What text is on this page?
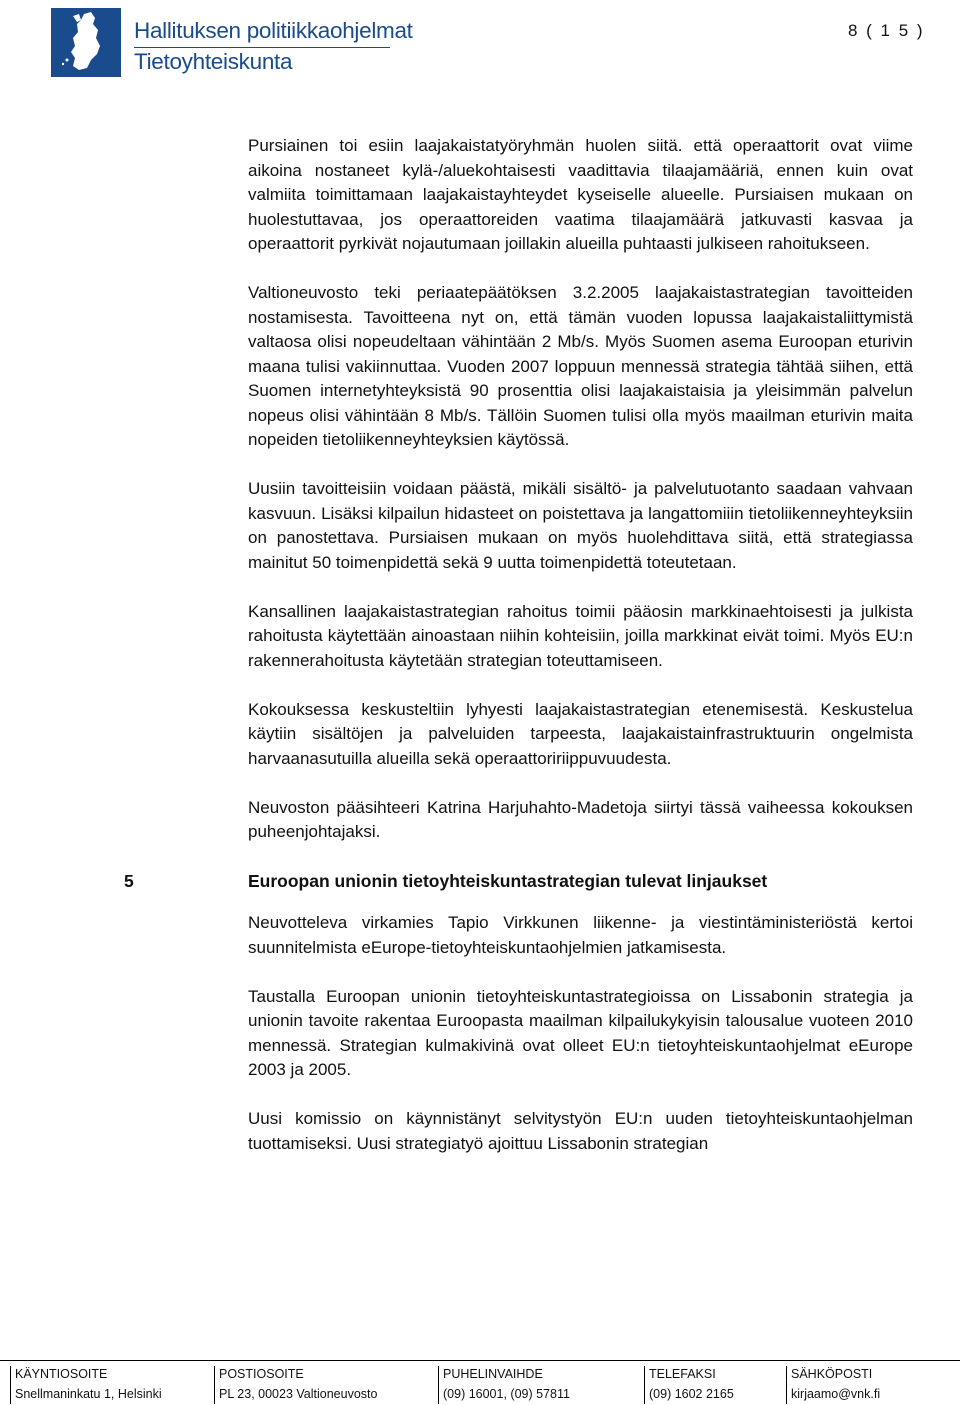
Hallituksen politiikkaohjelmat
Tietoyhteiskunta
8 ( 1 5 )

Pursiainen toi esiin laajakaistatyöryhmän huolen siitä. että operaattorit ovat viime aikoina nostaneet kylä-/aluekohtaisesti vaadittavia tilaajamääriä, ennen kuin ovat valmiita toimittamaan laajakaistayhteydet kyseiselle alueelle. Pursiaisen mukaan on huolestuttavaa, jos operaattoreiden vaatima tilaajamäärä jatkuvasti kasvaa ja operaattorit pyrkivät nojautumaan joillakin alueilla puhtaasti julkiseen rahoitukseen.

Valtioneuvosto teki periaatepäätöksen 3.2.2005 laajakaistastrategian tavoitteiden nostamisesta. Tavoitteena nyt on, että tämän vuoden lopussa laajakaistaliittymistä valtaosa olisi nopeudeltaan vähintään 2 Mb/s. Myös Suomen asema Euroopan eturivin maana tulisi vakiinnuttaa. Vuoden 2007 loppuun mennessä strategia tähtää siihen, että Suomen internetyhteyksistä 90 prosenttia olisi laajakaistaisia ja yleisimmän palvelun nopeus olisi vähintään 8 Mb/s. Tällöin Suomen tulisi olla myös maailman eturivin maita nopeiden tietoliikenneyhteyksien käytössä.

Uusiin tavoitteisiin voidaan päästä, mikäli sisältö- ja palvelutuotanto saadaan vahvaan kasvuun. Lisäksi kilpailun hidasteet on poistettava ja langattomiiin tietoliikenneyhteyksiin on panostettava. Pursiaisen mukaan on myös huolehdittava siitä, että strategiassa mainitut 50 toimenpidettä sekä 9 uutta toimenpidettä toteutetaan.

Kansallinen laajakaistastrategian rahoitus toimii pääosin markkinaehtoisesti ja julkista rahoitusta käytettään ainoastaan niihin kohteisiin, joilla markkinat eivät toimi. Myös EU:n rakennerahoitusta käytetään strategian toteuttamiseen.

Kokouksessa keskusteltiin lyhyesti laajakaistastrategian etenemisestä. Keskustelua käytiin sisältöjen ja palveluiden tarpeesta, laajakaistainfrastruktuurin ongelmista harvaanasutuilla alueilla sekä operaattoririippuvuudesta.

Neuvoston pääsihteeri Katrina Harjuhahto-Madetoja siirtyi tässä vaiheessa kokouksen puheenjohtajaksi.

5	Euroopan unionin tietoyhteiskuntastrategian tulevat linjaukset

Neuvotteleva virkamies Tapio Virkkunen liikenne- ja viestintäministeriöstä kertoi suunnitelmista eEurope-tietoyhteiskuntaohjelmien jatkamisesta.

Taustalla Euroopan unionin tietoyhteiskuntastrategioissa on Lissabonin strategia ja unionin tavoite rakentaa Euroopasta maailman kilpailukykyisin talousalue vuoteen 2010 mennessä. Strategian kulmakivinä ovat olleet EU:n tietoyhteiskuntaohjelmat eEurope 2003 ja 2005.

Uusi komissio on käynnistänyt selvitystyön EU:n uuden tietoyhteiskuntaohjelman tuottamiseksi. Uusi strategiatyö ajoittuu Lissabonin strategian

KÄYNTIOSOITE
Snellmaninkatu 1, Helsinki
POSTIOSOITE
PL 23, 00023 Valtioneuvosto
PUHELINVAIHDE
(09) 16001, (09) 57811
TELEFAKSI
(09) 1602 2165
SÄHKÖPOSTI
kirjaamo@vnk.fi
